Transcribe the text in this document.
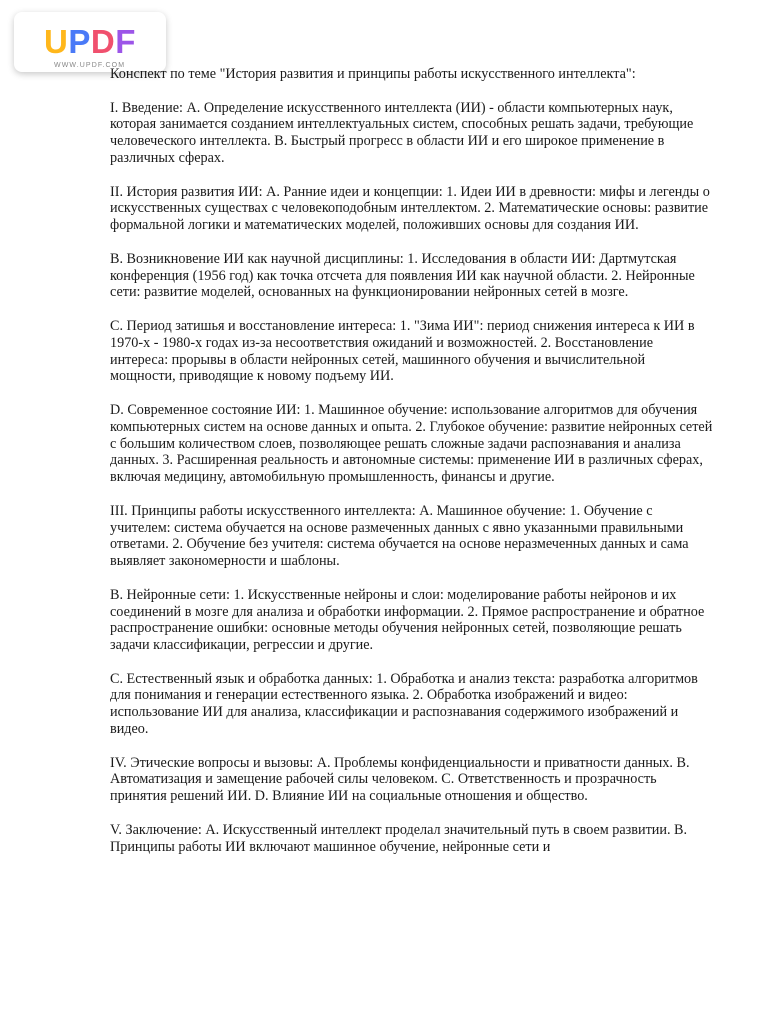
UPDF
WWW.UPDF.COM

Конспект по теме "История развития и принципы работы искусственного интеллекта":

I. Введение: A. Определение искусственного интеллекта (ИИ) - области компьютерных наук, которая занимается созданием интеллектуальных систем, способных решать задачи, требующие человеческого интеллекта. B. Быстрый прогресс в области ИИ и его широкое применение в различных сферах.

II. История развития ИИ: A. Ранние идеи и концепции: 1. Идеи ИИ в древности: мифы и легенды о искусственных существах с человекоподобным интеллектом. 2. Математические основы: развитие формальной логики и математических моделей, положивших основы для создания ИИ.

B. Возникновение ИИ как научной дисциплины: 1. Исследования в области ИИ: Дартмутская конференция (1956 год) как точка отсчета для появления ИИ как научной области. 2. Нейронные сети: развитие моделей, основанных на функционировании нейронных сетей в мозге.

C. Период затишья и восстановление интереса: 1. "Зима ИИ": период снижения интереса к ИИ в 1970-х - 1980-х годах из-за несоответствия ожиданий и возможностей. 2. Восстановление интереса: прорывы в области нейронных сетей, машинного обучения и вычислительной мощности, приводящие к новому подъему ИИ.

D. Современное состояние ИИ: 1. Машинное обучение: использование алгоритмов для обучения компьютерных систем на основе данных и опыта. 2. Глубокое обучение: развитие нейронных сетей с большим количеством слоев, позволяющее решать сложные задачи распознавания и анализа данных. 3. Расширенная реальность и автономные системы: применение ИИ в различных сферах, включая медицину, автомобильную промышленность, финансы и другие.

III. Принципы работы искусственного интеллекта: A. Машинное обучение: 1. Обучение с учителем: система обучается на основе размеченных данных с явно указанными правильными ответами. 2. Обучение без учителя: система обучается на основе неразмеченных данных и сама выявляет закономерности и шаблоны.

B. Нейронные сети: 1. Искусственные нейроны и слои: моделирование работы нейронов и их соединений в мозге для анализа и обработки информации. 2. Прямое распространение и обратное распространение ошибки: основные методы обучения нейронных сетей, позволяющие решать задачи классификации, регрессии и другие.

C. Естественный язык и обработка данных: 1. Обработка и анализ текста: разработка алгоритмов для понимания и генерации естественного языка. 2. Обработка изображений и видео: использование ИИ для анализа, классификации и распознавания содержимого изображений и видео.

IV. Этические вопросы и вызовы: A. Проблемы конфиденциальности и приватности данных. B. Автоматизация и замещение рабочей силы человеком. C. Ответственность и прозрачность принятия решений ИИ. D. Влияние ИИ на социальные отношения и общество.

V. Заключение: A. Искусственный интеллект проделал значительный путь в своем развитии. B. Принципы работы ИИ включают машинное обучение, нейронные сети и
